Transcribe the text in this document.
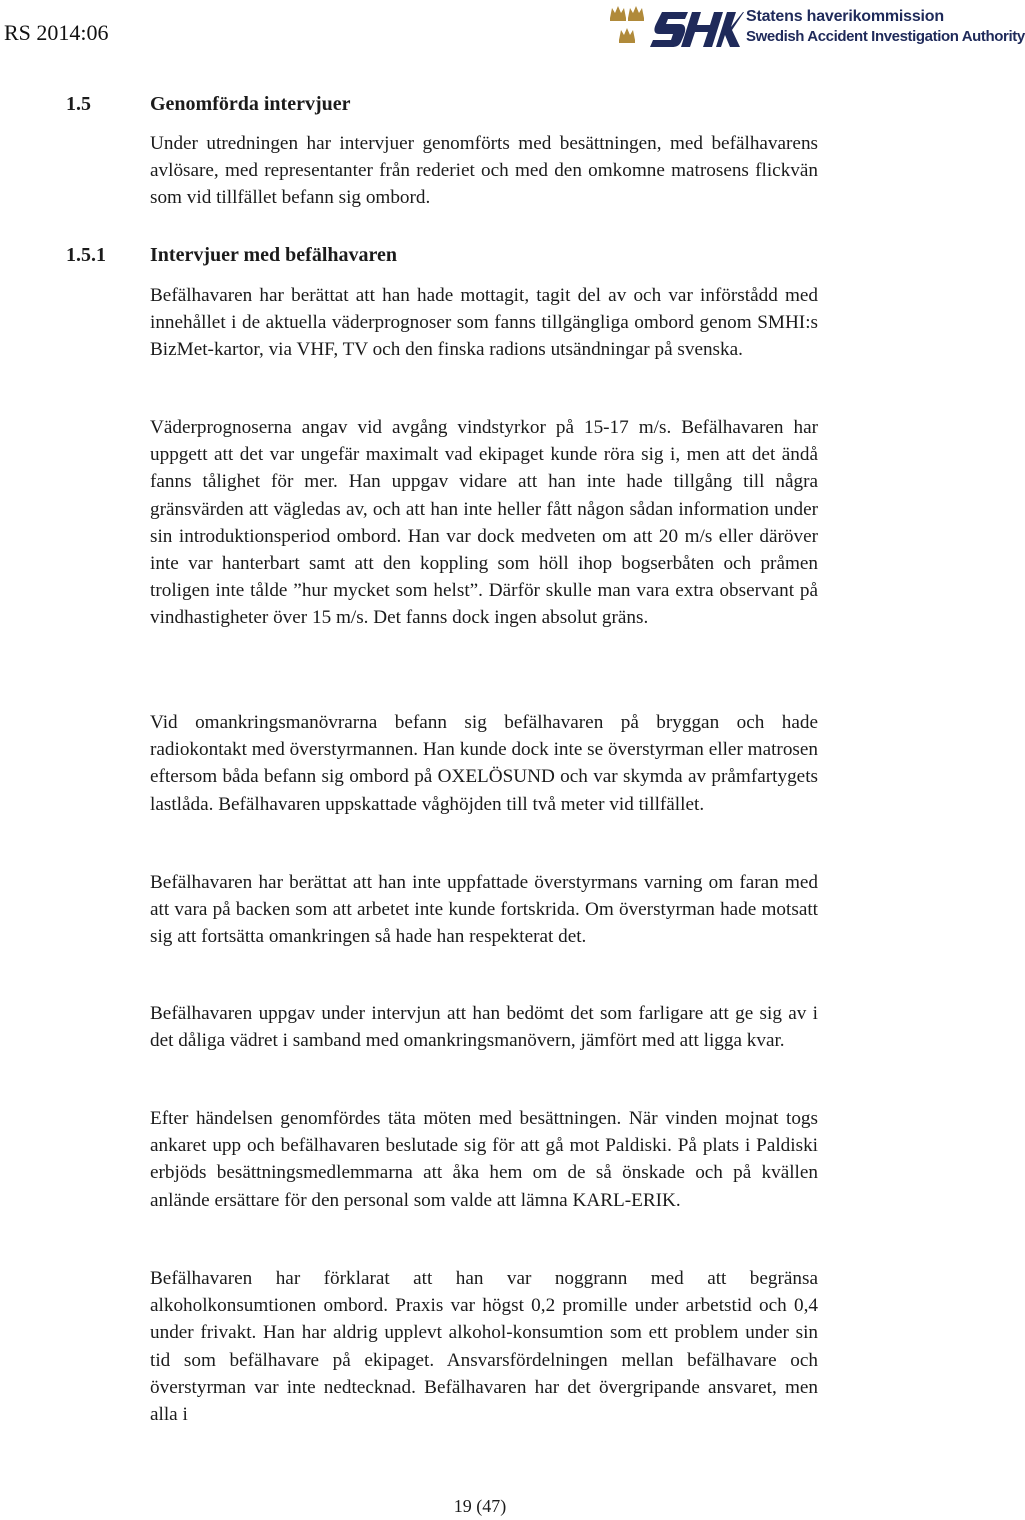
RS 2014:06
Statens haverikommission
Swedish Accident Investigation Authority
1.5	Genomförda intervjuer
Under utredningen har intervjuer genomförts med besättningen, med befälhavarens avlösare, med representanter från rederiet och med den omkomne matrosens flickvän som vid tillfället befann sig ombord.
1.5.1 Intervjuer med befälhavaren
Befälhavaren har berättat att han hade mottagit, tagit del av och var införstådd med innehållet i de aktuella väderprognoser som fanns tillgängliga ombord genom SMHI:s BizMet-kartor, via VHF, TV och den finska radions utsändningar på svenska.
Väderprognoserna angav vid avgång vindstyrkor på 15-17 m/s. Befälhavaren har uppgett att det var ungefär maximalt vad ekipaget kunde röra sig i, men att det ändå fanns tålighet för mer. Han uppgav vidare att han inte hade tillgång till några gränsvärden att vägledas av, och att han inte heller fått någon sådan information under sin introduktionsperiod ombord. Han var dock medveten om att 20 m/s eller däröver inte var hanterbart samt att den koppling som höll ihop bogserbåten och pråmen troligen inte tålde ”hur mycket som helst”. Därför skulle man vara extra observant på vindhastigheter över 15 m/s. Det fanns dock ingen absolut gräns.
Vid omankringsmanövrarna befann sig befälhavaren på bryggan och hade radiokontakt med överstyrmannen. Han kunde dock inte se överstyrman eller matrosen eftersom båda befann sig ombord på OXELÖSUND och var skymda av pråmfartygets lastlåda. Befälhavaren uppskattade våghöjden till två meter vid tillfället.
Befälhavaren har berättat att han inte uppfattade överstyrmans varning om faran med att vara på backen som att arbetet inte kunde fortskrida. Om överstyrman hade motsatt sig att fortsätta omankringen så hade han respekterat det.
Befälhavaren uppgav under intervjun att han bedömt det som farligare att ge sig av i det dåliga vädret i samband med omankringsmanövern, jämfört med att ligga kvar.
Efter händelsen genomfördes täta möten med besättningen. När vinden mojnat togs ankaret upp och befälhavaren beslutade sig för att gå mot Paldiski. På plats i Paldiski erbjöds besättningsmedlemmarna att åka hem om de så önskade och på kvällen anlände ersättare för den personal som valde att lämna KARL-ERIK.
Befälhavaren har förklarat att han var noggrann med att begränsa alkoholkonsumtionen ombord. Praxis var högst 0,2 promille under arbetstid och 0,4 under frivakt. Han har aldrig upplevt alkohol-konsumtion som ett problem under sin tid som befälhavare på ekipaget. Ansvarsfördelningen mellan befälhavare och överstyrman var inte nedtecknad. Befälhavaren har det övergripande ansvaret, men alla i
19 (47)
